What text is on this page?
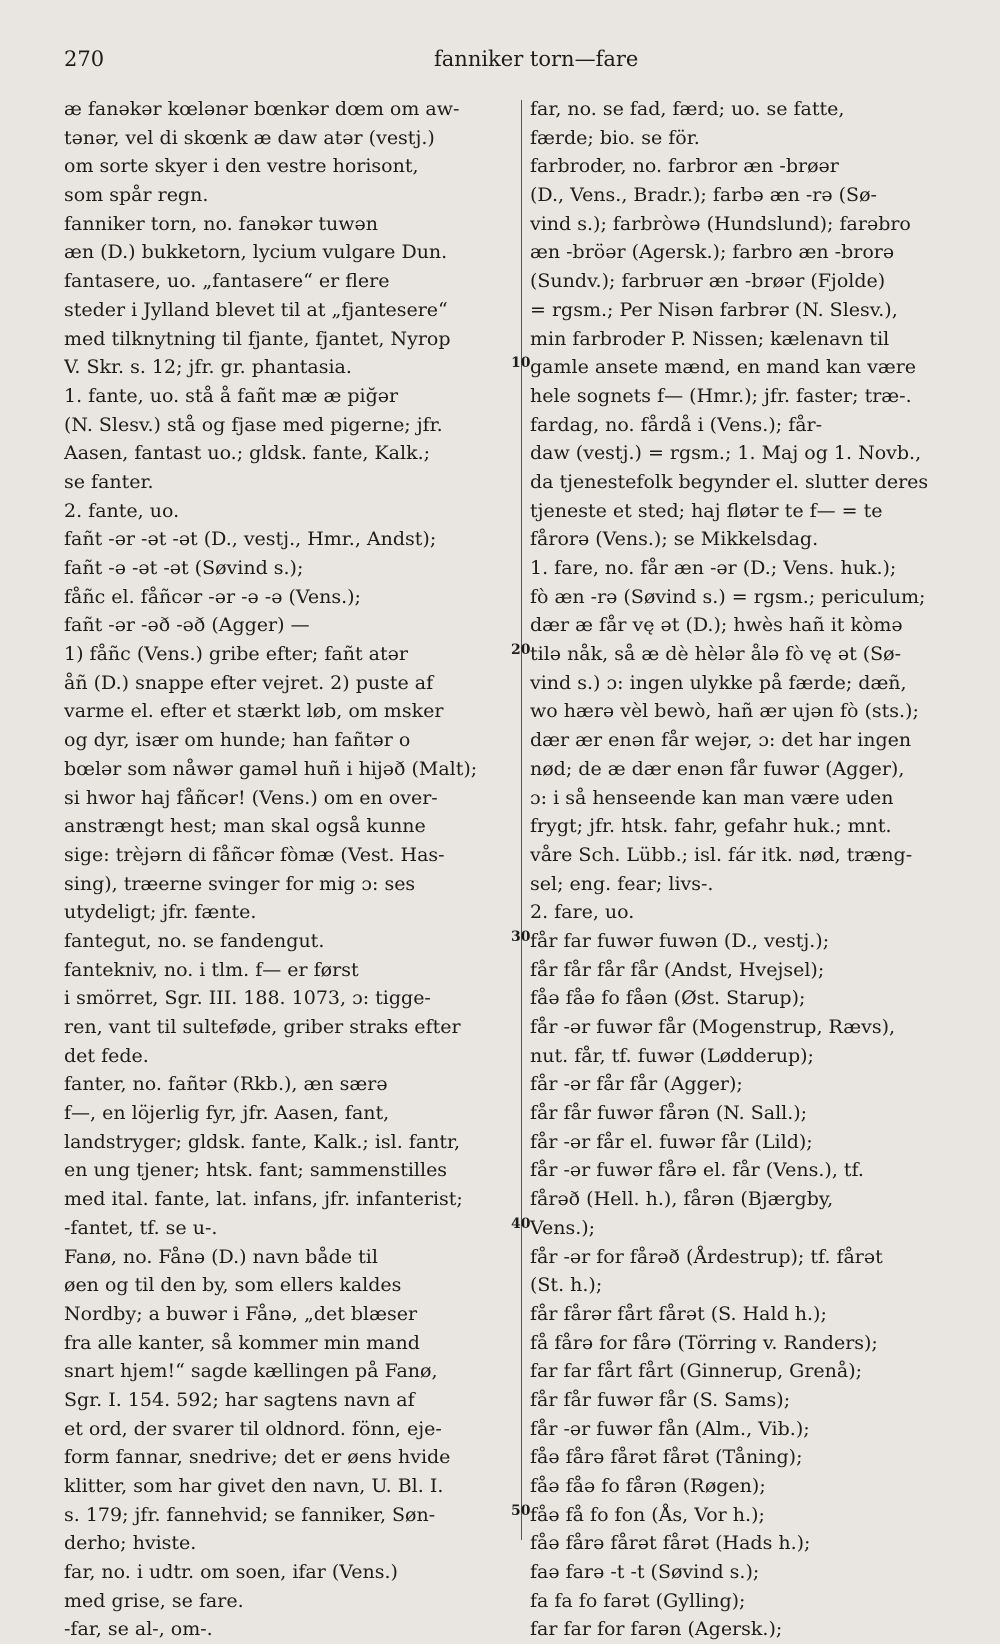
270	fanniker torn—fare
æ fanəkər kœlənər bœnkər dœm om aw-
tənər, vel di skœnk æ daw atər (vestj.)
om sorte skyer i den vestre horisont,
som spår regn.
fanniker torn, no. fanəkər tuwən
æn (D.) bukketorn, lycium vulgare Dun.
fantasere, uo. „fantasere“ er flere
steder i Jylland blevet til at „fjantesere“
med tilknytning til fjante, fjantet, Nyrop
V. Skr. s. 12; jfr. gr. phantasia.
1. fante, uo. stå å fañt mæ æ piğər
(N. Slesv.) stå og fjase med pigerne; jfr.
Aasen, fantast uo.; gldsk. fante, Kalk.;
se fanter.
2. fante, uo.
fañt -ər -ət -ət (D., vestj., Hmr., Andst);
fañt -ə -ət -ət (Søvind s.);
fåñc el. fåñcər -ər -ə -ə (Vens.);
fañt -ər -əð -əð (Agger) —
1) fåñc (Vens.) gribe efter; fañt atər
åñ (D.) snappe efter vejret. 2) puste af
varme el. efter et stærkt løb, om msker
og dyr, især om hunde; han fañtər o
bœlər som nåwər gaməl huñ i hiјəð (Malt);
si hwor haj fåñcər! (Vens.) om en over-
anstrængt hest; man skal også kunne
sige: trèјərn di fåñcər fòmæ (Vest. Has-
sing), træerne svinger for mig ɔ: ses
utydeligt; jfr. fænte.
fantegut, no. se fandengut.
fantekniv, no. i tlm. f— er først
i smörret, Sgr. III. 188. 1073, ɔ: tigge-
ren, vant til sulteføde, griber straks efter
det fede.
fanter, no. fañtər (Rkb.), æn særə
f—, en löjerlig fyr, jfr. Aasen, fant,
landstryger; gldsk. fante, Kalk.; isl. fantr,
en ung tjener; htsk. fant; sammenstilles
med ital. fante, lat. infans, jfr. infanterist;
-fantet, tf. se u-.
Fanø, no. Fånə (D.) navn både til
øen og til den by, som ellers kaldes
Nordby; a buwər i Fånə, „det blæser
fra alle kanter, så kommer min mand
snart hjem!“ sagde kællingen på Fanø,
Sgr. I. 154. 592; har sagtens navn af
et ord, der svarer til oldnord. fönn, eje-
form fannar, snedrive; det er øens hvide
klitter, som har givet den navn, U. Bl. I.
s. 179; jfr. fannehvid; se fanniker, Søn-
derho; hviste.
far, no. i udtr. om soen, ifar (Vens.)
med grise, se fare.
-far, se al-, om-.
far, no. se fad, færd; uo. se fatte,
færde; bio. se för.
farbroder, no. farbror æn -brøər
(D., Vens., Bradr.); farbə æn -rə (Sø-
vind s.); farbròwə (Hundslund); farəbro
æn -bröər (Agersk.); farbro æn -brorə
(Sundv.); farbruər æn -brøər (Fjolde)
= rgsm.; Per Nisən farbrər (N. Slesv.),
min farbroder P. Nissen; kælenavn til
gamle ansete mænd, en mand kan være
hele sognets f— (Hmr.); jfr. faster; træ-.
fardag, no. fårdå i (Vens.); får-
daw (vestj.) = rgsm.; 1. Maj og 1. Novb.,
da tjenestefolk begynder el. slutter deres
tjeneste et sted; haj fløtər te f— = te
fårorə (Vens.); se Mikkelsdag.
1. fare, no. får æn -ər (D.; Vens. huk.);
fò æn -rə (Søvind s.) = rgsm.; periculum;
dær æ får vę ət (D.); hwès hañ it kòmə
tilə nåk, så æ dè hèlər ålə fò vę ət (Sø-
vind s.) ɔ: ingen ulykke på færde; dæñ,
wo hærə vèl bewò, hañ ær ujən fò (sts.);
dær ær enən får wejər, ɔ: det har ingen
nød; de æ dær enən får fuwər (Agger),
ɔ: i så henseende kan man være uden
frygt; jfr. htsk. fahr, gefahr huk.; mnt.
våre Sch. Lübb.; isl. fár itk. nød, træng-
sel; eng. fear; livs-.
2. fare, uo.
får far fuwər fuwən (D., vestj.);
får får får får (Andst, Hvejsel);
fåə fåə fo fåən (Øst. Starup);
får -ər fuwər får (Mogenstrup, Rævs),
nut. får, tf. fuwər (Lødderup);
får -ər får får (Agger);
får får fuwər fårən (N. Sall.);
får -ər får el. fuwər får (Lild);
får -ər fuwər fårə el. får (Vens.), tf.
fårəð (Hell. h.), fårən (Bjærgby,
Vens.);
får -ər for fårəð (Årdestrup); tf. fårət
(St. h.);
får fårər fårt fårət (S. Hald h.);
få fårə for fårə (Törring v. Randers);
far far fårt fårt (Ginnerup, Grenå);
får får fuwər får (S. Sams);
får -ər fuwər fån (Alm., Vib.);
fåə fårə fårət fårət (Tåning);
fåə fåə fo fårən (Røgen);
fåə få fo fon (Ås, Vor h.);
fåə fårə fårət fårət (Hads h.);
faə farə -t -t (Søvind s.);
fa fa fo farət (Gylling);
far far for farən (Agersk.);
10
20
30
40
50
